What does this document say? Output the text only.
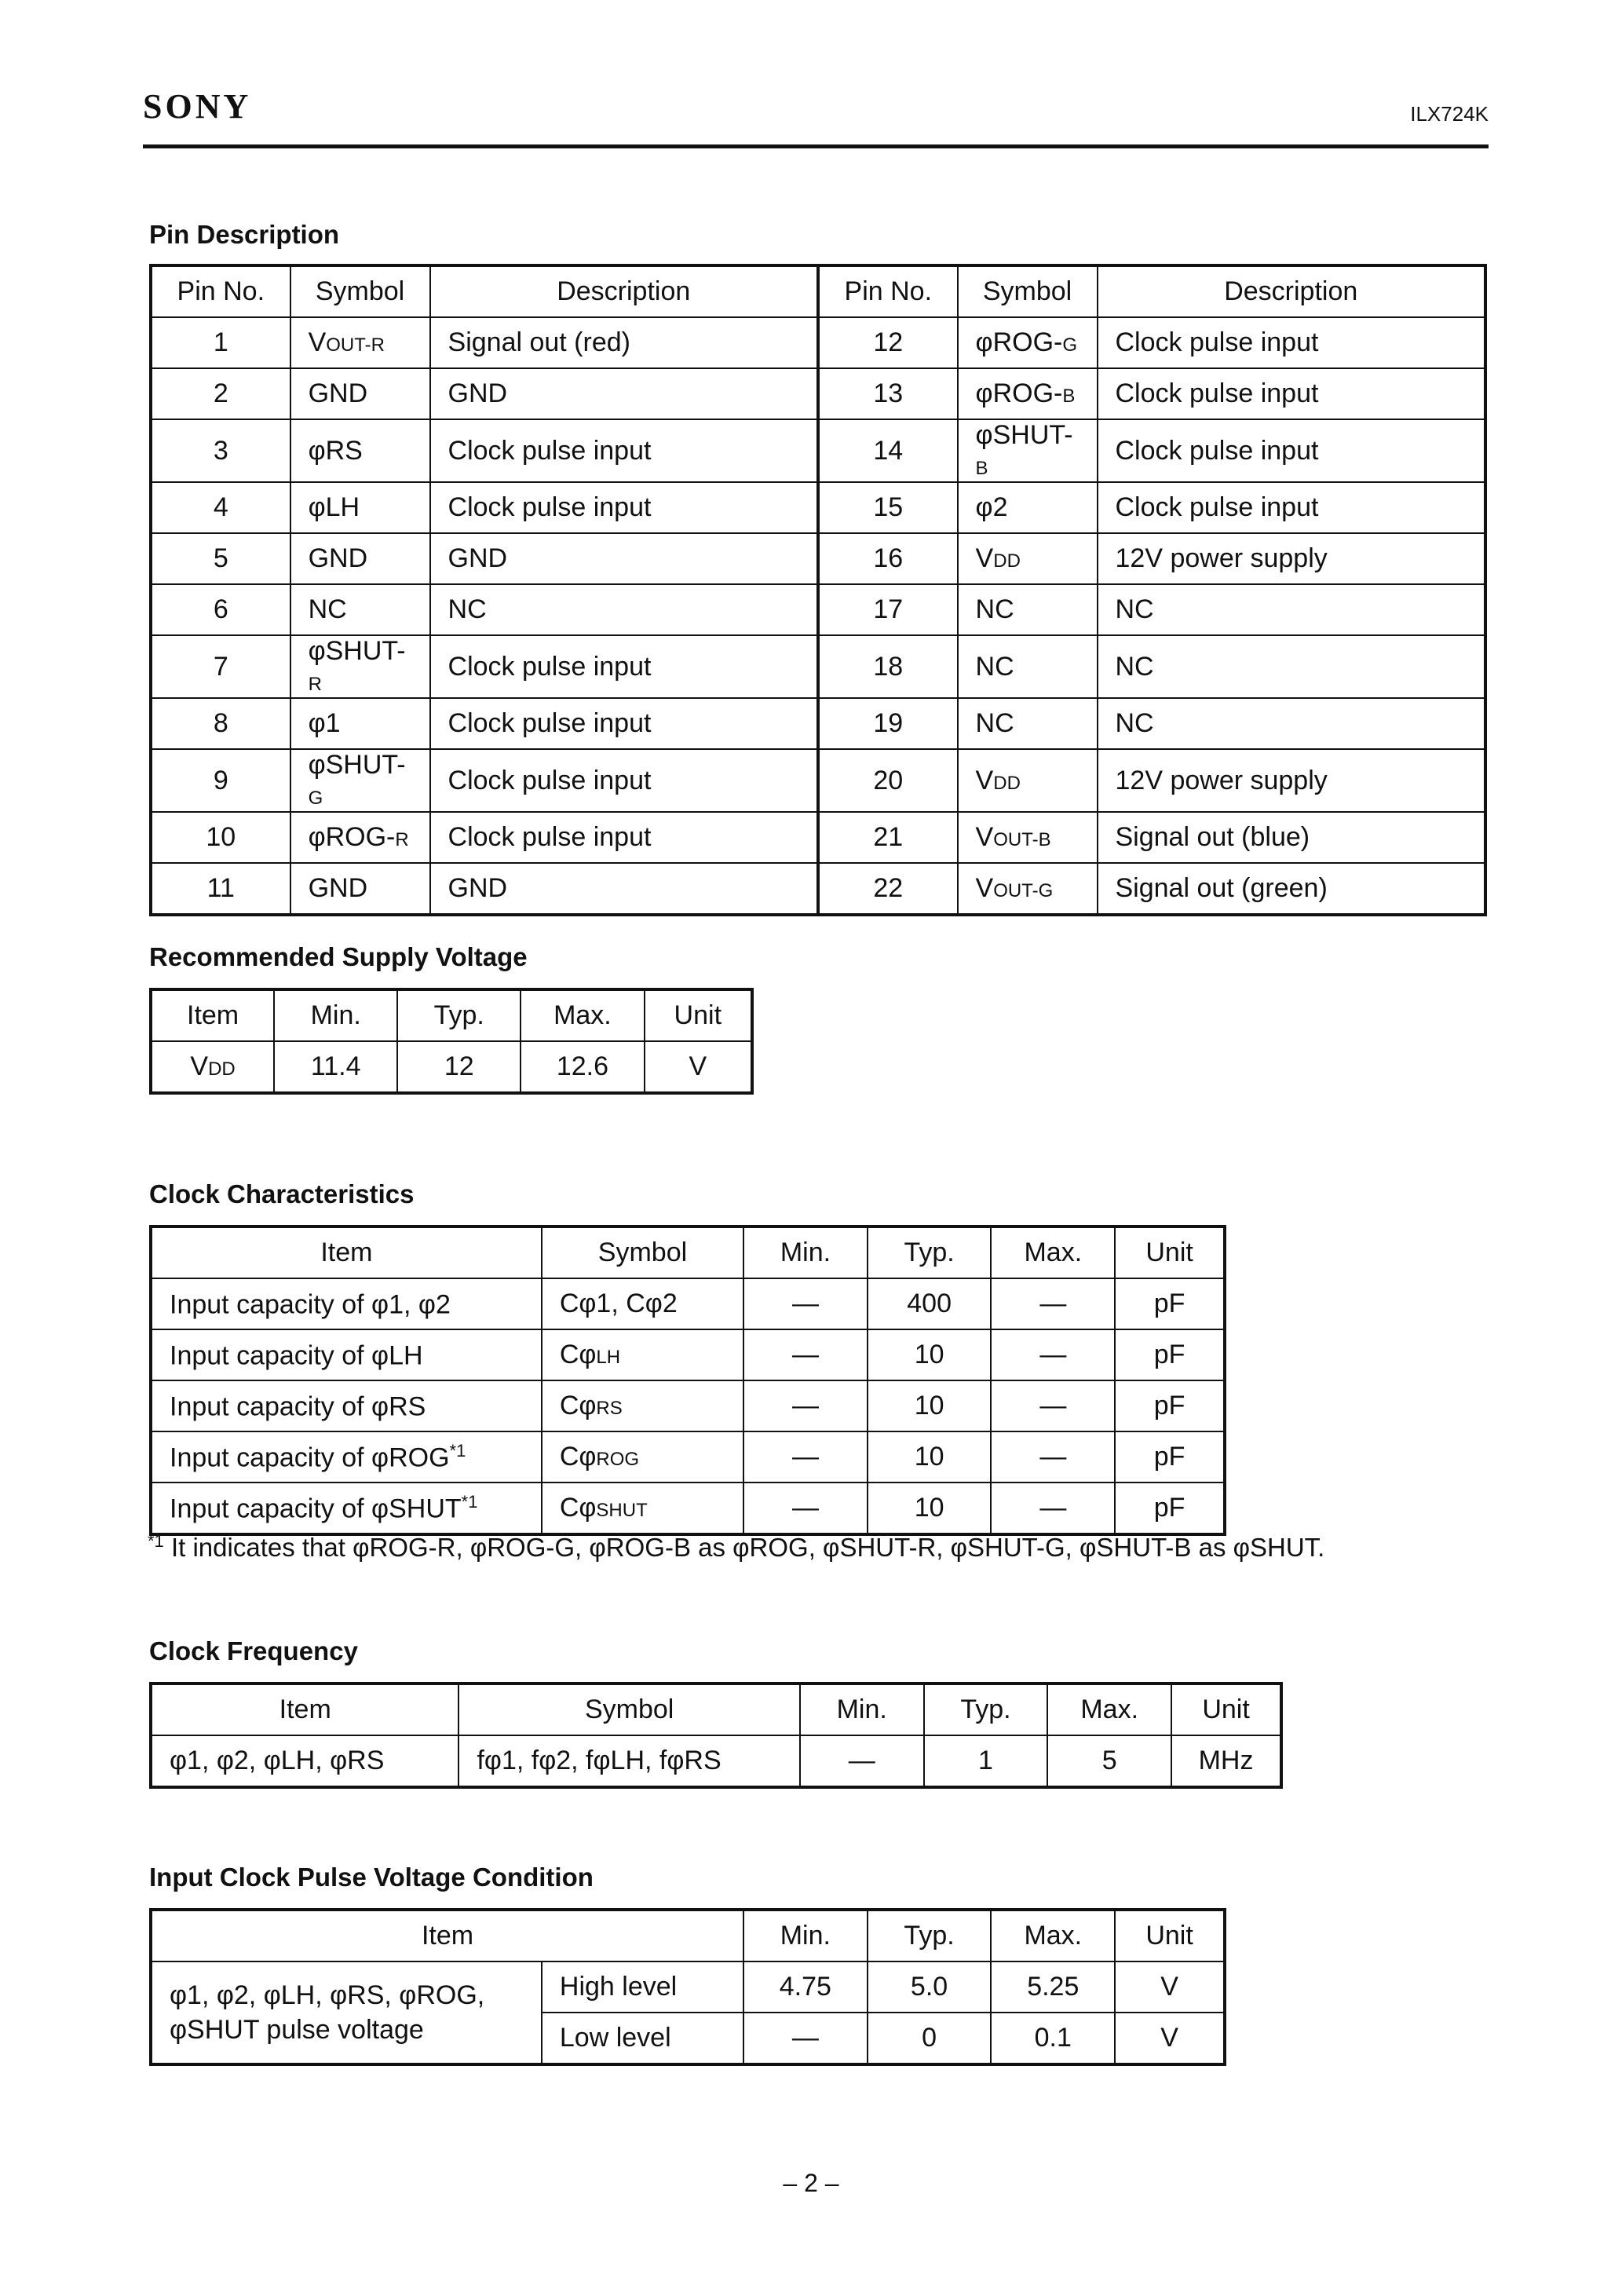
SONY	ILX724K
Pin Description
Pin No.	Symbol	Description	Pin No.	Symbol	Description
1	VOUT-R	Signal out (red)	12	φROG-G	Clock pulse input
2	GND	GND	13	φROG-B	Clock pulse input
3	φRS	Clock pulse input	14	φSHUT-B	Clock pulse input
4	φLH	Clock pulse input	15	φ2	Clock pulse input
5	GND	GND	16	VDD	12V power supply
6	NC	NC	17	NC	NC
7	φSHUT-R	Clock pulse input	18	NC	NC
8	φ1	Clock pulse input	19	NC	NC
9	φSHUT-G	Clock pulse input	20	VDD	12V power supply
10	φROG-R	Clock pulse input	21	VOUT-B	Signal out (blue)
11	GND	GND	22	VOUT-G	Signal out (green)
Recommended Supply Voltage
Item	Min.	Typ.	Max.	Unit
VDD	11.4	12	12.6	V
Clock Characteristics
Item	Symbol	Min.	Typ.	Max.	Unit
Input capacity of φ1, φ2	Cφ1, Cφ2	—	400	—	pF
Input capacity of φLH	CφLH	—	10	—	pF
Input capacity of φRS	CφRS	—	10	—	pF
Input capacity of φROG$^{*1}$	CφROG	—	10	—	pF
Input capacity of φSHUT$^{*1}$	CφSHUT	—	10	—	pF
$^{*1}$ It indicates that φROG-R, φROG-G, φROG-B as φROG, φSHUT-R, φSHUT-G, φSHUT-B as φSHUT.
Clock Frequency
Item	Symbol	Min.	Typ.	Max.	Unit
φ1, φ2, φLH, φRS	fφ1, fφ2, fφLH, fφRS	—	1	5	MHz
Input Clock Pulse Voltage Condition
Item		Min.	Typ.	Max.	Unit

φ1, φ2, φLH, φRS, φROG,
φSHUT pulse voltage	High level	4.75	5.0	5.25	V
	Low level	—	0	0.1	V
– 2 –
